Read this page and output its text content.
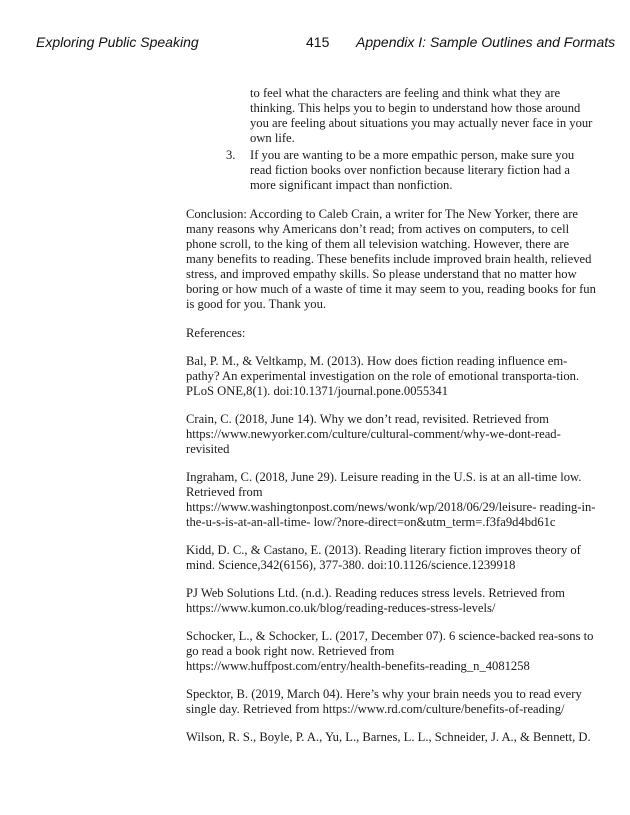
Exploring Public Speaking	415 Appendix I: Sample Outlines and Formats
to feel what the characters are feeling and think what they are thinking. This helps you to begin to understand how those around you are feeling about situations you may actually never face in your own life.
3.	If you are wanting to be a more empathic person, make sure you read fiction books over nonfiction because literary fiction had a more significant impact than nonfiction.

Conclusion: According to Caleb Crain, a writer for The New Yorker, there are many reasons why Americans don’t read; from actives on computers, to cell phone scroll, to the king of them all television watching. However, there are many benefits to reading. These benefits include improved brain health, relieved stress, and improved empathy skills. So please understand that no matter how boring or how much of a waste of time it may seem to you, reading books for fun is good for you. Thank you.

References:

Bal, P. M., & Veltkamp, M. (2013). How does fiction reading influence em-pathy? An experimental investigation on the role of emotional transporta-tion. PLoS ONE,8(1). doi:10.1371/journal.pone.0055341

Crain, C. (2018, June 14). Why we don’t read, revisited. Retrieved from https://www.newyorker.com/culture/cultural-comment/why-we-dont-read-revisited

Ingraham, C. (2018, June 29). Leisure reading in the U.S. is at an all-time low. Retrieved from https://www.washingtonpost.com/news/wonk/wp/2018/06/29/leisure- reading-in-the-u-s-is-at-an-all-time- low/?nore-direct=on&utm_term=.f3fa9d4bd61c

Kidd, D. C., & Castano, E. (2013). Reading literary fiction improves theory of mind. Science,342(6156), 377-380. doi:10.1126/science.1239918

PJ Web Solutions Ltd. (n.d.). Reading reduces stress levels. Retrieved from https://www.kumon.co.uk/blog/reading-reduces-stress-levels/

Schocker, L., & Schocker, L. (2017, December 07). 6 science-backed rea-sons to go read a book right now. Retrieved from https://www.huffpost.com/entry/health-benefits-reading_n_4081258

Specktor, B. (2019, March 04). Here’s why your brain needs you to read every single day. Retrieved from https://www.rd.com/culture/benefits-of-reading/

Wilson, R. S., Boyle, P. A., Yu, L., Barnes, L. L., Schneider, J. A., & Bennett, D.
